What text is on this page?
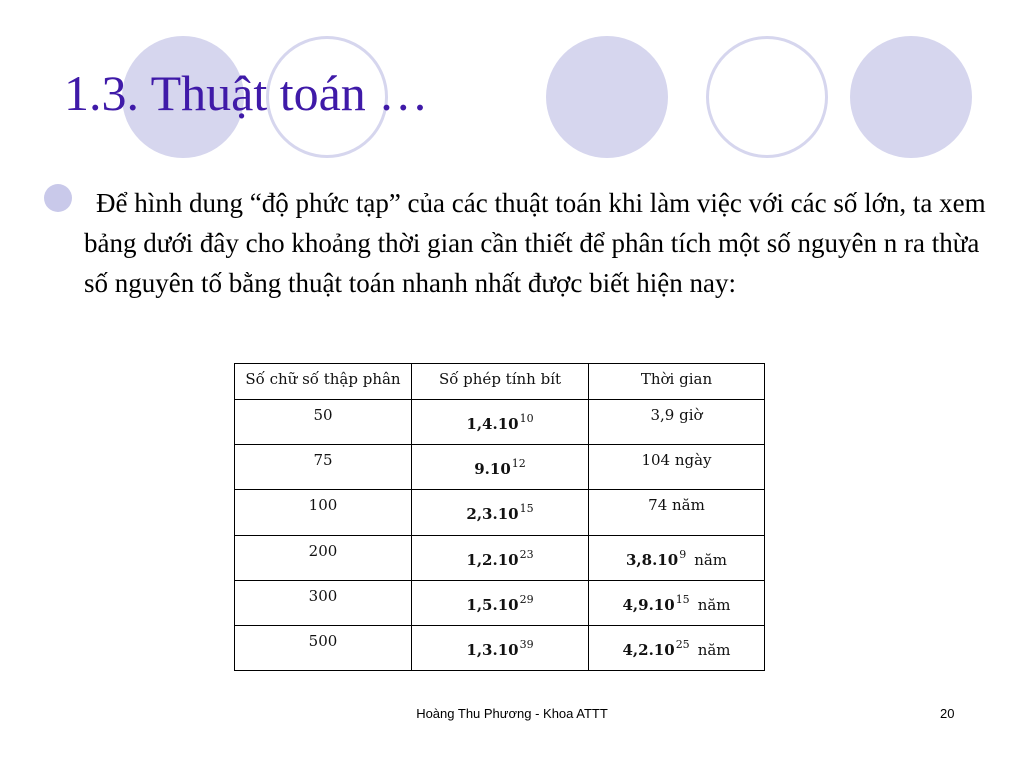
1.3. Thuật toán …

Để hình dung “độ phức tạp” của các thuật toán khi làm việc với các số lớn, ta xem bảng dưới đây cho khoảng thời gian cần thiết để phân tích một số nguyên n ra thừa số nguyên tố bằng thuật toán nhanh nhất được biết hiện nay:

Số chữ số thập phân	Số phép tính bít	Thời gian
50	1,4.10$^{10}$	3,9 giờ
75	9.10$^{12}$	104 ngày
100	2,3.10$^{15}$	74 năm
200	1,2.10$^{23}$	3,8.10$^9$ năm
300	1,5.10$^{29}$	4,9.10$^{15}$ năm
500	1,3.10$^{39}$	4,2.10$^{25}$ năm
Hoàng Thu Phương - Khoa ATTT	20
